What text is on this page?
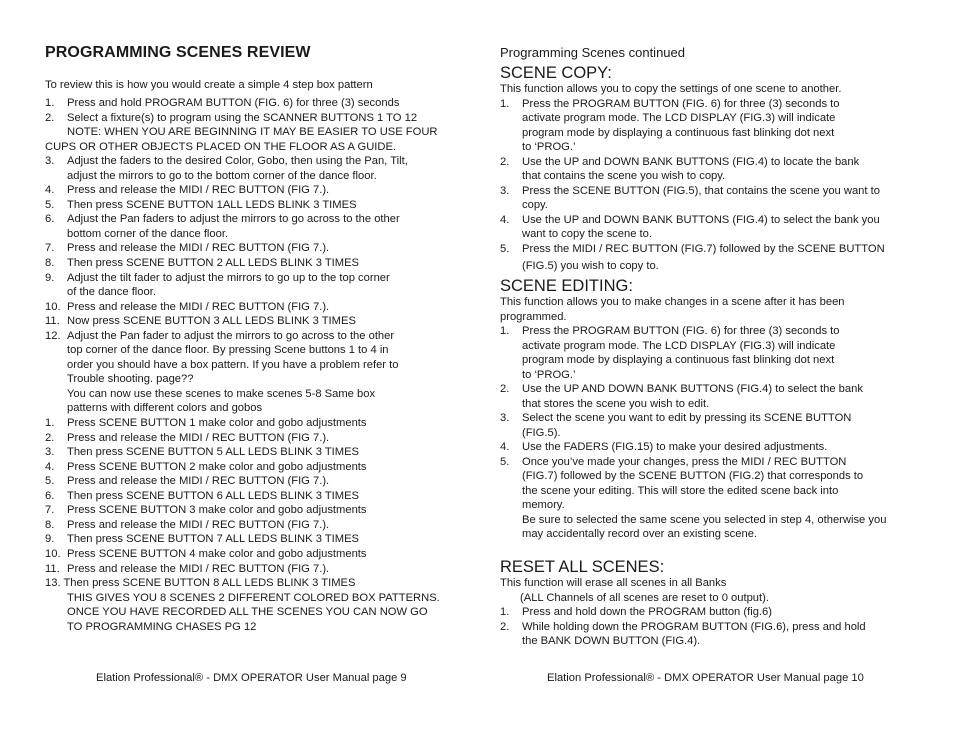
PROGRAMMING SCENES REVIEW
To review this is how you would create a simple 4 step box pattern
1. Press and hold PROGRAM BUTTON (FIG. 6) for three (3) seconds
2. Select a fixture(s) to program using the SCANNER BUTTONS 1 TO 12
NOTE: WHEN YOU ARE BEGINNING IT MAY BE EASIER TO USE FOUR
CUPS OR OTHER OBJECTS PLACED ON THE FLOOR AS A GUIDE.
3. Adjust the faders to the desired Color, Gobo, then using the Pan, Tilt,
adjust the mirrors to go to the bottom corner of the dance floor.
4. Press and release the MIDI / REC BUTTON (FIG 7.).
5. Then press SCENE BUTTON 1ALL LEDS BLINK 3 TIMES
6. Adjust the Pan faders to adjust the mirrors to go across to the other
bottom corner of the dance floor.
7. Press and release the MIDI / REC BUTTON (FIG 7.).
8. Then press SCENE BUTTON 2 ALL LEDS BLINK 3 TIMES
9. Adjust the tilt fader to adjust the mirrors to go up to the top corner
of the dance floor.
10. Press and release the MIDI / REC BUTTON (FIG 7.).
11. Now press SCENE BUTTON 3 ALL LEDS BLINK 3 TIMES
12. Adjust the Pan fader to adjust the mirrors to go across to the other
top corner of the dance floor. By pressing Scene buttons 1 to 4 in
order you should have a box pattern. If you have a problem refer to
Trouble shooting. page??
You can now use these scenes to make scenes 5-8 Same box
patterns with different colors and gobos
1. Press SCENE BUTTON 1 make color and gobo adjustments
2. Press and release the MIDI / REC BUTTON (FIG 7.).
3. Then press SCENE BUTTON 5 ALL LEDS BLINK 3 TIMES
4. Press SCENE BUTTON 2 make color and gobo adjustments
5. Press and release the MIDI / REC BUTTON (FIG 7.).
6. Then press SCENE BUTTON 6 ALL LEDS BLINK 3 TIMES
7. Press SCENE BUTTON 3 make color and gobo adjustments
8. Press and release the MIDI / REC BUTTON (FIG 7.).
9. Then press SCENE BUTTON 7 ALL LEDS BLINK 3 TIMES
10. Press SCENE BUTTON 4 make color and gobo adjustments
11. Press and release the MIDI / REC BUTTON (FIG 7.).
13. Then press SCENE BUTTON 8 ALL LEDS BLINK 3 TIMES
THIS GIVES YOU 8 SCENES 2 DIFFERENT COLORED BOX PATTERNS.
ONCE YOU HAVE RECORDED ALL THE SCENES YOU CAN NOW GO
TO PROGRAMMING CHASES PG 12
Elation Professional® - DMX OPERATOR User Manual page 9
Programming Scenes continued
SCENE COPY:
This function allows you to copy the settings of one scene to another.
1. Press the PROGRAM BUTTON (FIG. 6) for three (3) seconds to
activate program mode. The LCD DISPLAY (FIG.3) will indicate
program mode by displaying a continuous fast blinking dot next
to ‘PROG.’
2. Use the UP and DOWN BANK BUTTONS (FIG.4) to locate the bank
that contains the scene you wish to copy.
3. Press the SCENE BUTTON (FIG.5), that contains the scene you want to
copy.
4. Use the UP and DOWN BANK BUTTONS (FIG.4) to select the bank you
want to copy the scene to.
5. Press the MIDI / REC BUTTON (FIG.7) followed by the SCENE BUTTON
(FIG.5) you wish to copy to.
SCENE EDITING:
This function allows you to make changes in a scene after it has been
programmed.
1. Press the PROGRAM BUTTON (FIG. 6) for three (3) seconds to
activate program mode. The LCD DISPLAY (FIG.3) will indicate
program mode by displaying a continuous fast blinking dot next
to ‘PROG.’
2. Use the UP AND DOWN BANK BUTTONS (FIG.4) to select the bank
that stores the scene you wish to edit.
3. Select the scene you want to edit by pressing its SCENE BUTTON
(FIG.5).
4. Use the FADERS (FIG.15) to make your desired adjustments.
5. Once you’ve made your changes, press the MIDI / REC BUTTON
(FIG.7) followed by the SCENE BUTTON (FIG.2) that corresponds to
the scene your editing. This will store the edited scene back into
memory.
Be sure to selected the same scene you selected in step 4, otherwise you
may accidentally record over an existing scene.
RESET ALL SCENES:
This function will erase all scenes in all Banks
(ALL Channels of all scenes are reset to 0 output).
1. Press and hold down the PROGRAM button (fig.6)
2. While holding down the PROGRAM BUTTON (FIG.6), press and hold
the BANK DOWN BUTTON (FIG.4).
Elation Professional® - DMX OPERATOR User Manual page 10
